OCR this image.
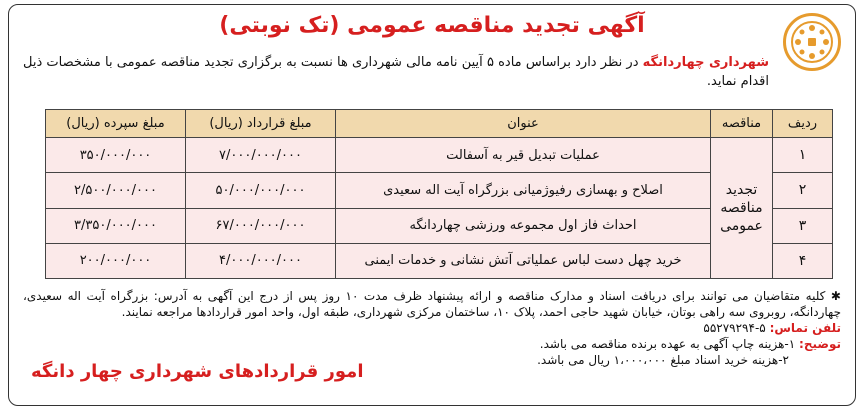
آگهی تجدید مناقصه عمومی (تک نوبتی)
شهرداری چهاردانگه در نظر دارد براساس ماده ۵ آیین نامه مالی شهرداری ها نسبت به برگزاری تجدید مناقصه عمومی با مشخصات ذیل اقدام نماید.
ردیف	مناقصه	عنوان	مبلغ قرارداد (ریال)	مبلغ سپرده (ریال)
۱	تجدید مناقصه عمومی	عملیات تبدیل قیر به آسفالت	۷/۰۰۰/۰۰۰/۰۰۰	۳۵۰/۰۰۰/۰۰۰
۲		اصلاح و بهسازی رفیوژمیانی بزرگراه آیت اله سعیدی	۵۰/۰۰۰/۰۰۰/۰۰۰	۲/۵۰۰/۰۰۰/۰۰۰
۳		احداث فاز اول مجموعه ورزشی چهاردانگه	۶۷/۰۰۰/۰۰۰/۰۰۰	۳/۳۵۰/۰۰۰/۰۰۰
۴		خرید چهل دست لباس عملیاتی آتش نشانی و خدمات ایمنی	۴/۰۰۰/۰۰۰/۰۰۰	۲۰۰/۰۰۰/۰۰۰
✱ کلیه متقاضیان می توانند برای دریافت اسناد و مدارک مناقصه و ارائه پیشنهاد ظرف مدت ۱۰ روز پس از درج این آگهی به آدرس: بزرگراه آیت اله سعیدی، چهاردانگه، روبروی سه راهی بوتان، خیابان شهید حاجی احمد، پلاک ۱۰، ساختمان مرکزی شهرداری، طبقه اول، واحد امور قراردادها مراجعه نمایند.
تلفن تماس: ۵-۵۵۲۷۹۲۹۴
توضیح: ۱-هزینه چاپ آگهی به عهده برنده مناقصه می باشد.
۲-هزینه خرید اسناد مبلغ ۱،۰۰۰،۰۰۰ ریال می باشد.
امور قراردادهای شهرداری چهار دانگه
